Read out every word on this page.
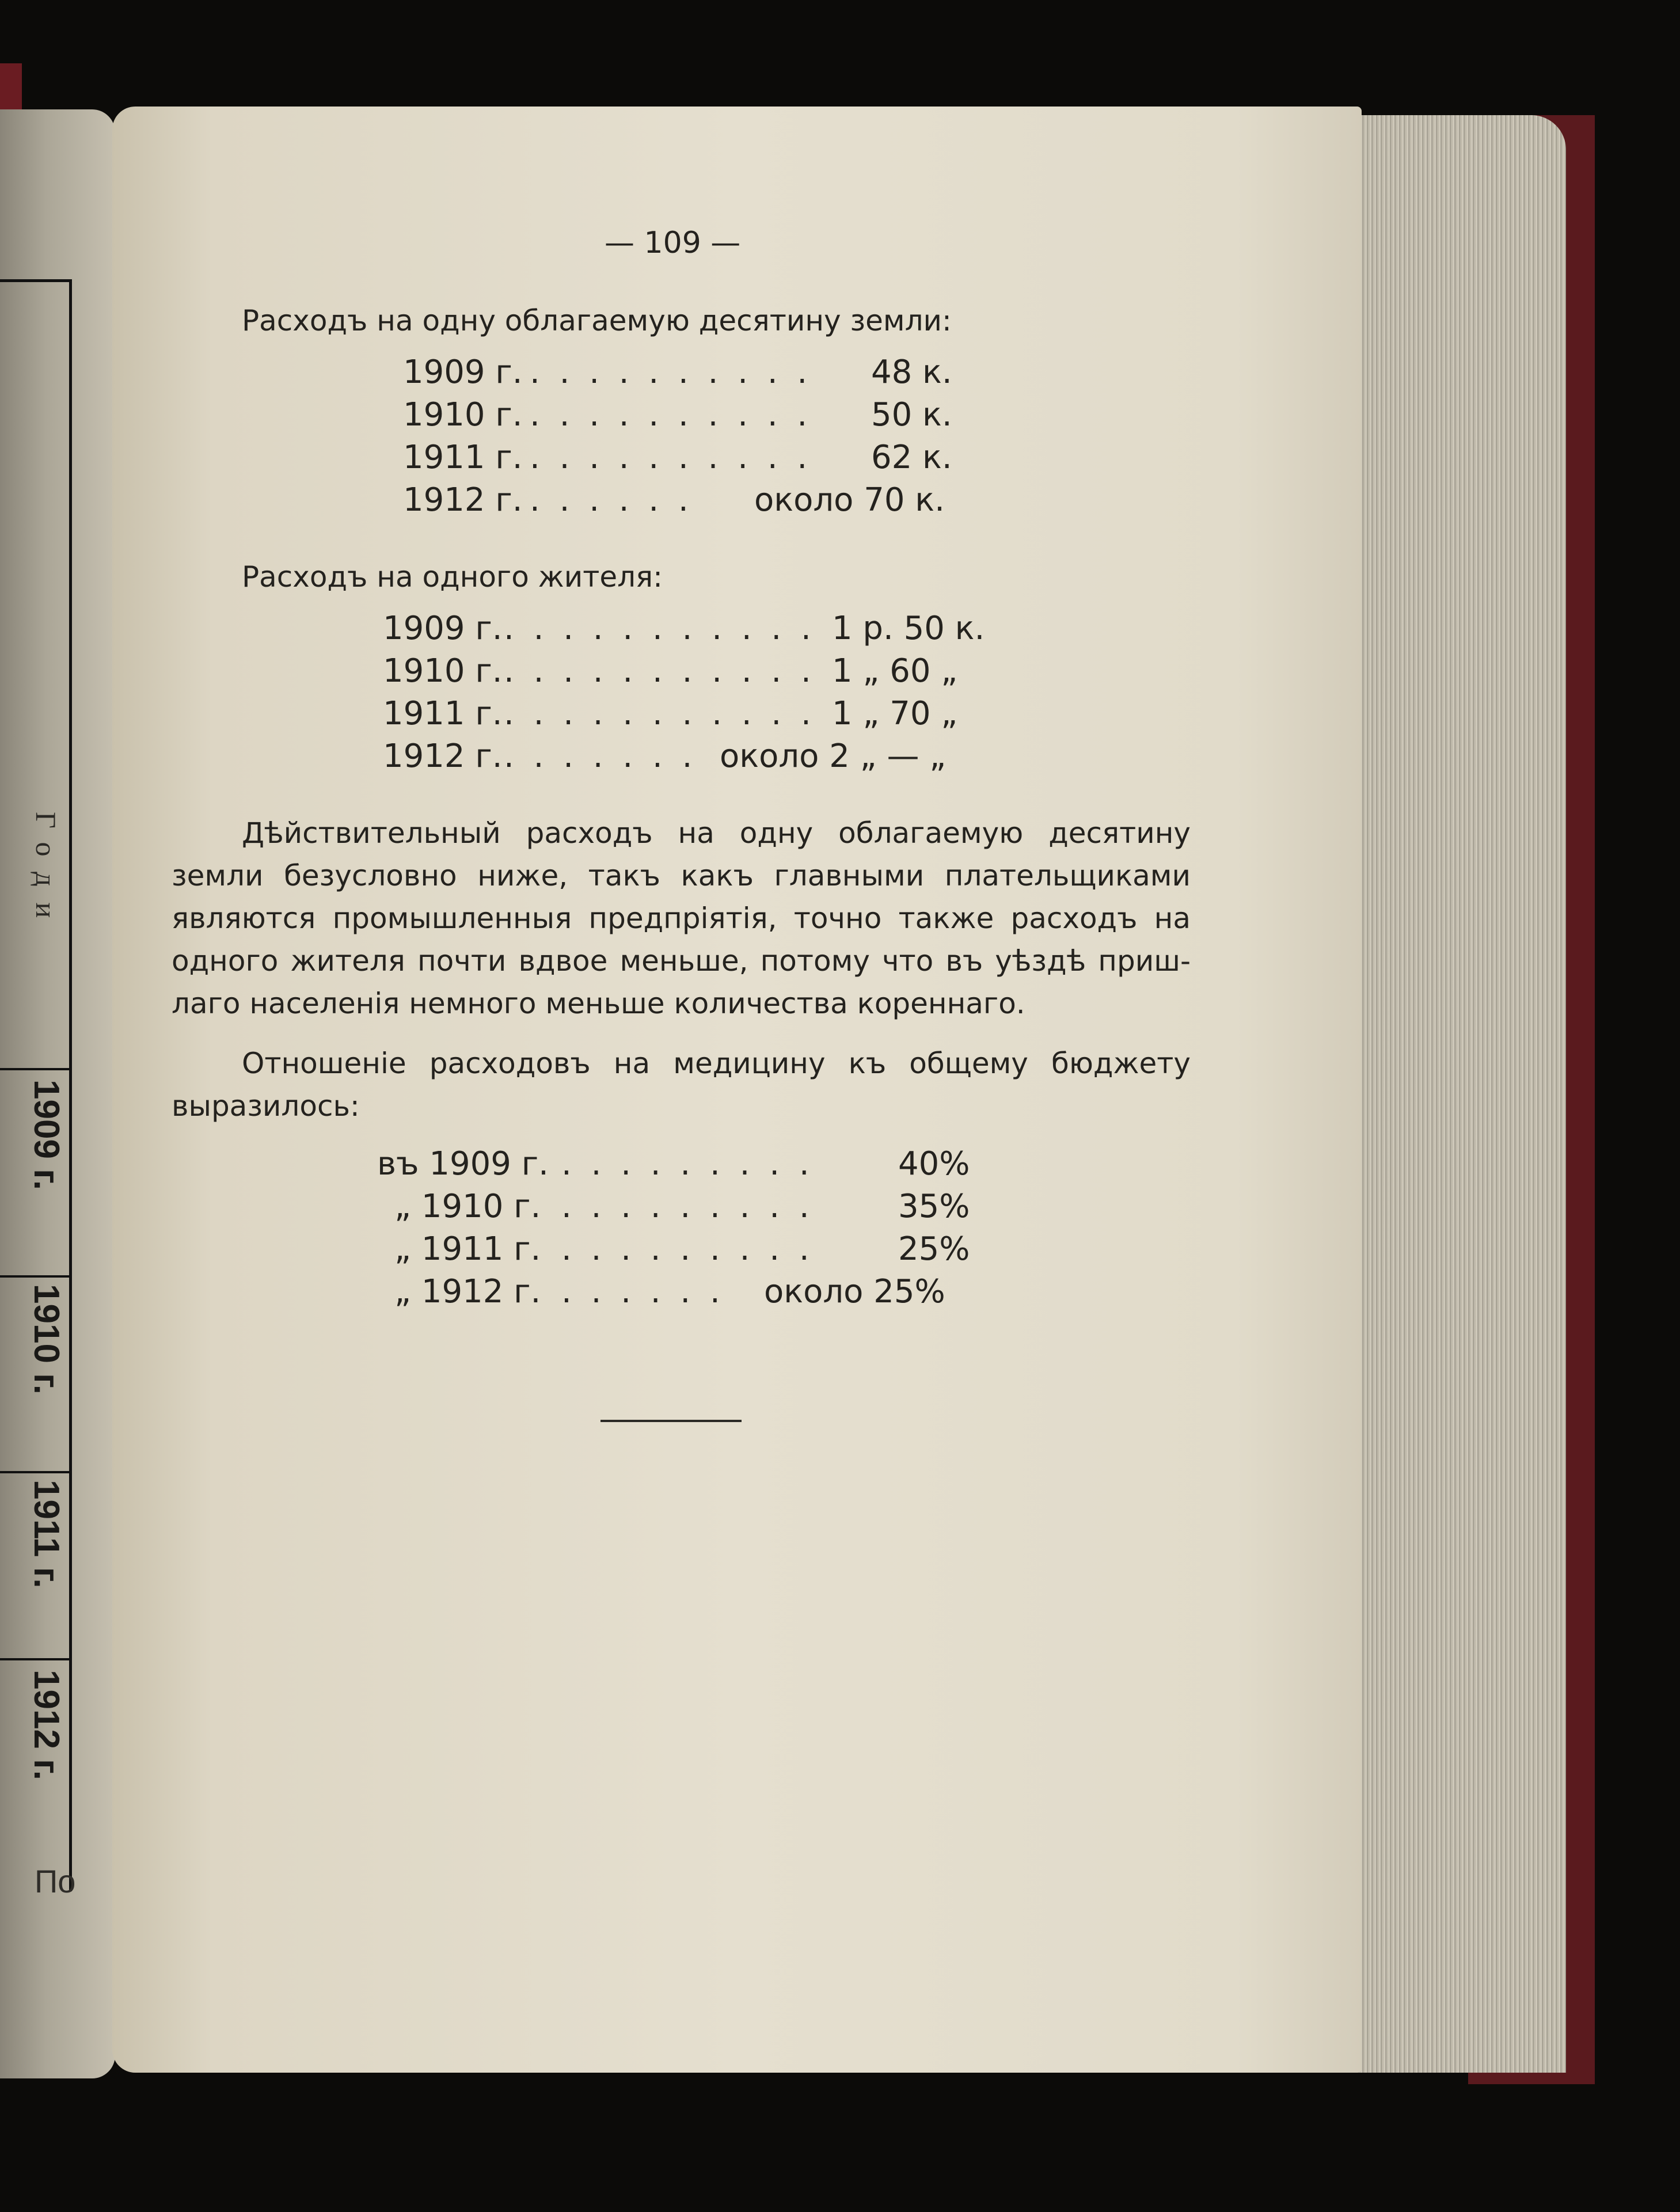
Годи
1909 г.
1910 г.
1911 г.
1912 г.
По
— 109 —
Расходъ на одну облагаемую десятину земли:
1909 г. . . . . . . . . . . 48 к.
1910 г. . . . . . . . . . . 50 к.
1911 г. . . . . . . . . . . 62 к.
1912 г. . . . . . . около 70 к.
Расходъ на одного жителя:
1909 г. . . . . . . . . . . . 1 р. 50 к.
1910 г. . . . . . . . . . . . 1 „ 60 „
1911 г. . . . . . . . . . . . 1 „ 70 „
1912 г. . . . . . . . около 2 „ — „
Дѣйствительный расходъ на одну облагаемую десятину
земли безусловно ниже, такъ какъ главными плательщиками
являются промышленныя предпріятія, точно также расходъ на
одного жителя почти вдвое меньше, потому что въ уѣздѣ приш-
лаго населенія немного меньше количества кореннаго.
Отношеніе расходовъ на медицину къ общему бюджету
выразилось:
въ 1909 г. . . . . . . . . .	40%
„ 1910 г. . . . . . . . . .	35%
„ 1911 г. . . . . . . . . .	25%
„ 1912 г. . . . . . . около 25%
